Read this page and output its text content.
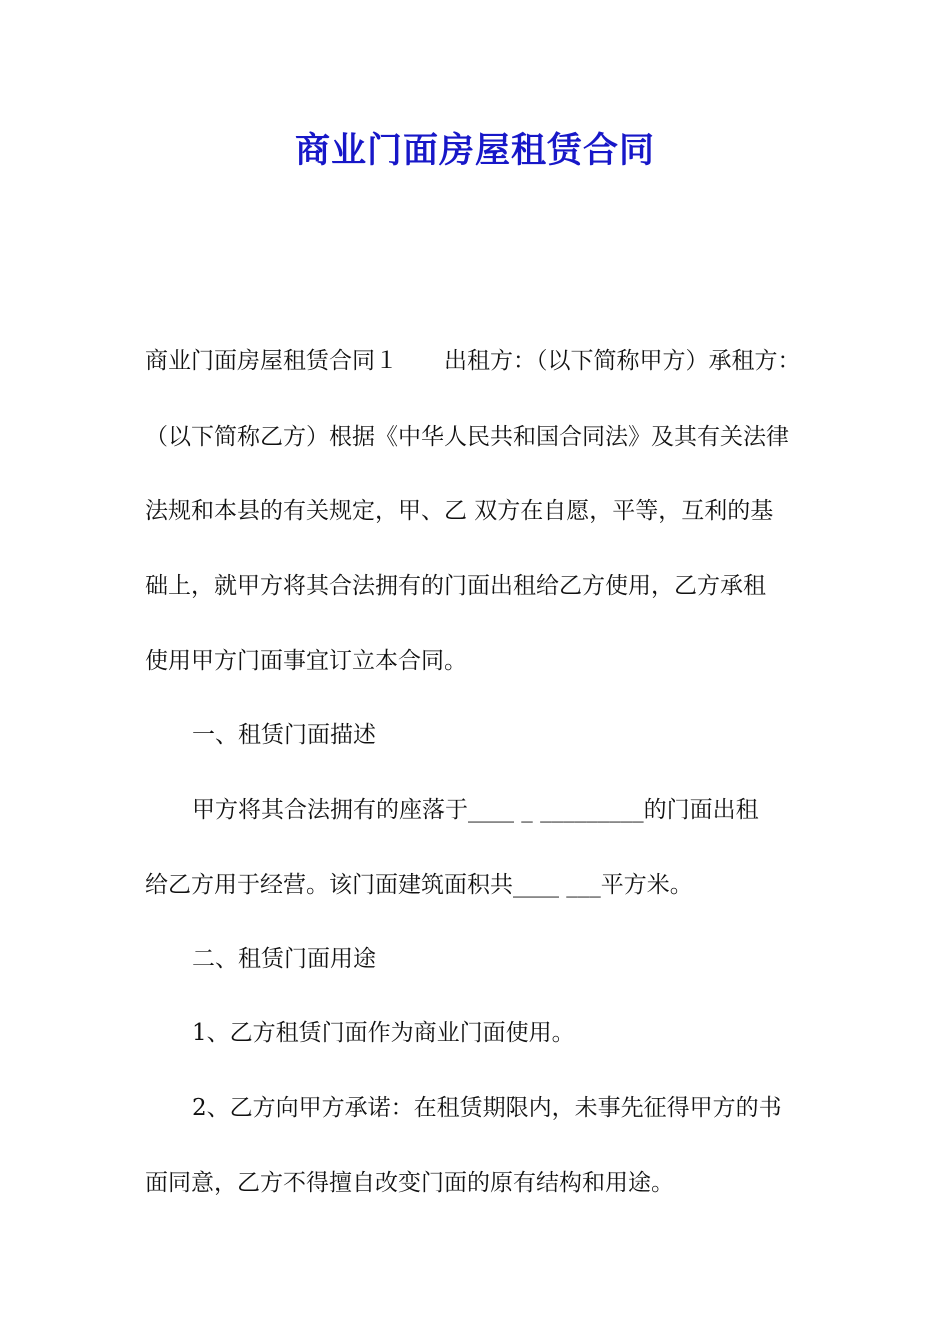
商业门面房屋租赁合同

商业门面房屋租赁合同１　　出租方：（以下简称甲方）承租方：

（以下简称乙方）根据《中华人民共和国合同法》及其有关法律

法规和本县的有关规定，甲、乙 双方在自愿，平等，互利的基

础上，就甲方将其合法拥有的门面出租给乙方使用，乙方承租

使用甲方门面事宜订立本合同。

一、租赁门面描述

甲方将其合法拥有的座落于____ _ _________的门面出租

给乙方用于经营。该门面建筑面积共____ ___平方米。

二、租赁门面用途

1、乙方租赁门面作为商业门面使用。

2、乙方向甲方承诺：在租赁期限内，未事先征得甲方的书

面同意，乙方不得擅自改变门面的原有结构和用途。
